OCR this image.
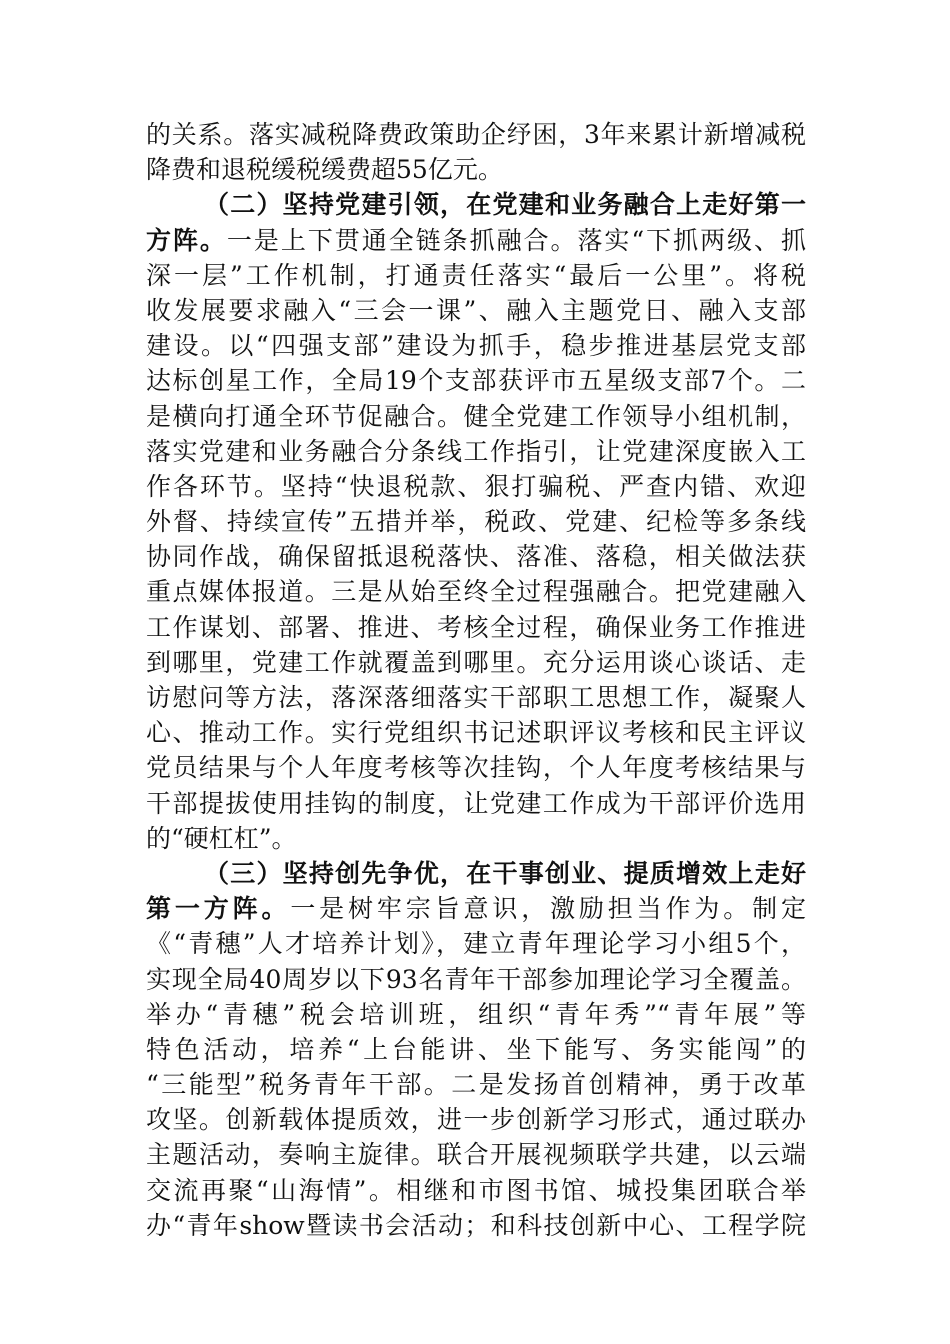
的关系。落实减税降费政策助企纾困，3年来累计新增减税
降费和退税缓税缓费超55亿元。
（二）坚持党建引领，在党建和业务融合上走好第一
方阵。一是上下贯通全链条抓融合。落实“下抓两级、抓
深一层”工作机制，打通责任落实“最后一公里”。将税
收发展要求融入“三会一课”、融入主题党日、融入支部
建设。以“四强支部”建设为抓手，稳步推进基层党支部
达标创星工作，全局19个支部获评市五星级支部7个。二
是横向打通全环节促融合。健全党建工作领导小组机制，
落实党建和业务融合分条线工作指引，让党建深度嵌入工
作各环节。坚持“快退税款、狠打骗税、严查内错、欢迎
外督、持续宣传”五措并举，税政、党建、纪检等多条线
协同作战，确保留抵退税落快、落准、落稳，相关做法获
重点媒体报道。三是从始至终全过程强融合。把党建融入
工作谋划、部署、推进、考核全过程，确保业务工作推进
到哪里，党建工作就覆盖到哪里。充分运用谈心谈话、走
访慰问等方法，落深落细落实干部职工思想工作，凝聚人
心、推动工作。实行党组织书记述职评议考核和民主评议
党员结果与个人年度考核等次挂钩，个人年度考核结果与
干部提拔使用挂钩的制度，让党建工作成为干部评价选用
的“硬杠杠”。
（三）坚持创先争优，在干事创业、提质增效上走好
第一方阵。一是树牢宗旨意识，激励担当作为。制定
《“青穗”人才培养计划》，建立青年理论学习小组5个，
实现全局40周岁以下93名青年干部参加理论学习全覆盖。
举办“青穗”税会培训班，组织“青年秀”“青年展”等
特色活动，培养“上台能讲、坐下能写、务实能闯”的
“三能型”税务青年干部。二是发扬首创精神，勇于改革
攻坚。创新载体提质效，进一步创新学习形式，通过联办
主题活动，奏响主旋律。联合开展视频联学共建，以云端
交流再聚“山海情”。相继和市图书馆、城投集团联合举
办“青年show暨读书会活动；和科技创新中心、工程学院
